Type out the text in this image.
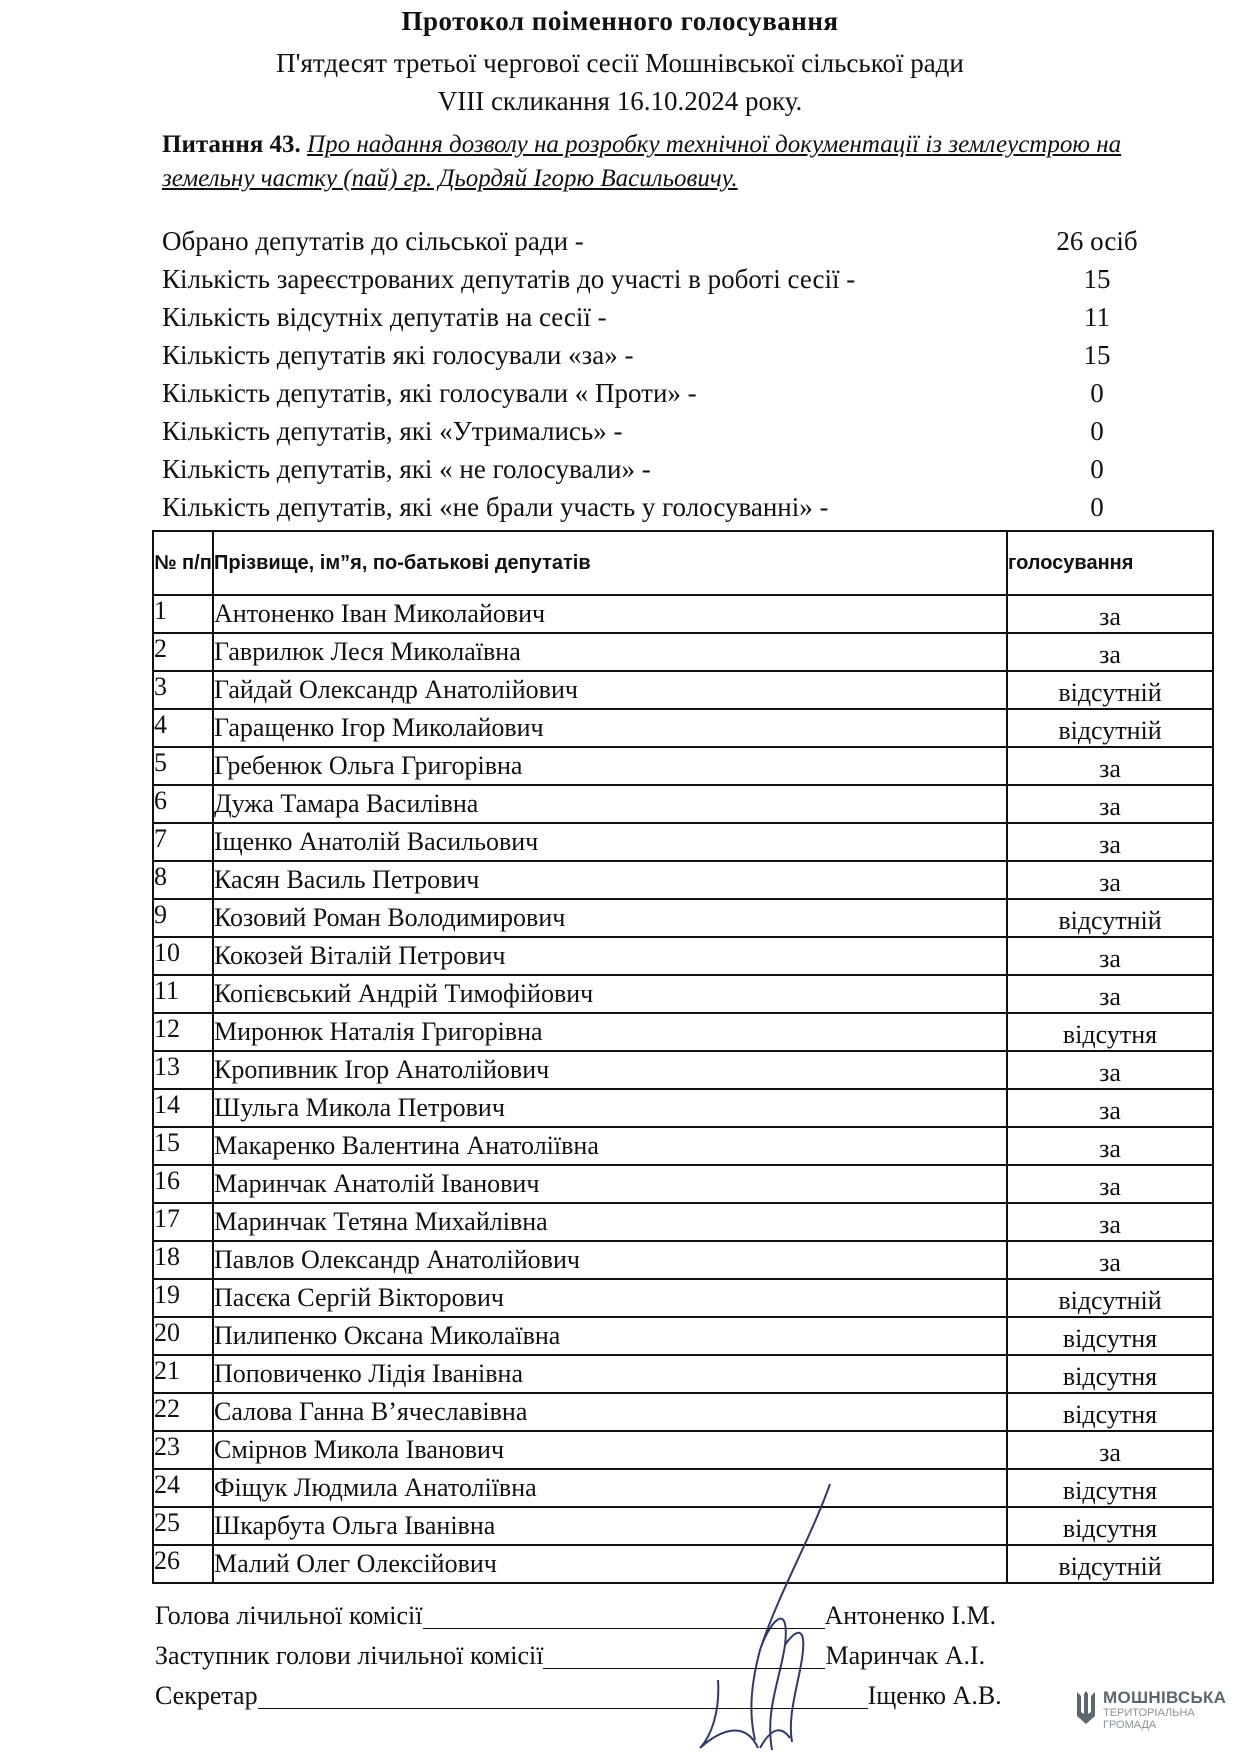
Протокол поіменного голосування
П'ятдесят третьої чергової сесії Мошнівської сільської ради
VIII скликання 16.10.2024 року.
Питання 43. Про надання дозволу на розробку технічної документації із землеустрою на земельну частку (пай) гр. Дьордяй Ігорю Васильовичу.
Обрано депутатів до сільської ради -	26 осіб
Кількість зареєстрованих депутатів до участі в роботі сесії -	15
Кількість відсутніх депутатів на сесії -	11
Кількість депутатів які голосували «за» -	15
Кількість депутатів, які голосували « Проти» -	0
Кількість депутатів, які «Утримались» -	0
Кількість депутатів, які « не голосували» -	0
Кількість депутатів, які «не брали участь у голосуванні» -	0
№ п/п	Прізвище, ім”я, по-батькові депутатів	голосування
1	Антоненко Іван Миколайович	за
2	Гаврилюк Леся Миколаївна	за
3	Гайдай Олександр Анатолійович	відсутній
4	Гаращенко Ігор Миколайович	відсутній
5	Гребенюк Ольга Григорівна	за
6	Дужа Тамара Василівна	за
7	Іщенко Анатолій Васильович	за
8	Касян Василь Петрович	за
9	Козовий Роман Володимирович	відсутній
10	Кокозей Віталій Петрович	за
11	Копієвський Андрій Тимофійович	за
12	Миронюк Наталія Григорівна	відсутня
13	Кропивник Ігор Анатолійович	за
14	Шульга Микола Петрович	за
15	Макаренко Валентина Анатоліївна	за
16	Маринчак Анатолій Іванович	за
17	Маринчак Тетяна Михайлівна	за
18	Павлов Олександр Анатолійович	за
19	Пасєка Сергій Вікторович	відсутній
20	Пилипенко Оксана Миколаївна	відсутня
21	Поповиченко Лідія Іванівна	відсутня
22	Салова Ганна В’ячеславівна	відсутня
23	Смірнов Микола Іванович	за
24	Фіщук Людмила Анатоліївна	відсутня
25	Шкарбута Ольга Іванівна	відсутня
26	Малий Олег Олексійович	відсутній
Голова лічильної комісії	Антоненко І.М.
Заступник голови лічильної комісії	Маринчак А.І.
Секретар	Іщенко А.В.	МОШНІВСЬКА
ТЕРИТОРІАЛЬНА
ГРОМАДА
